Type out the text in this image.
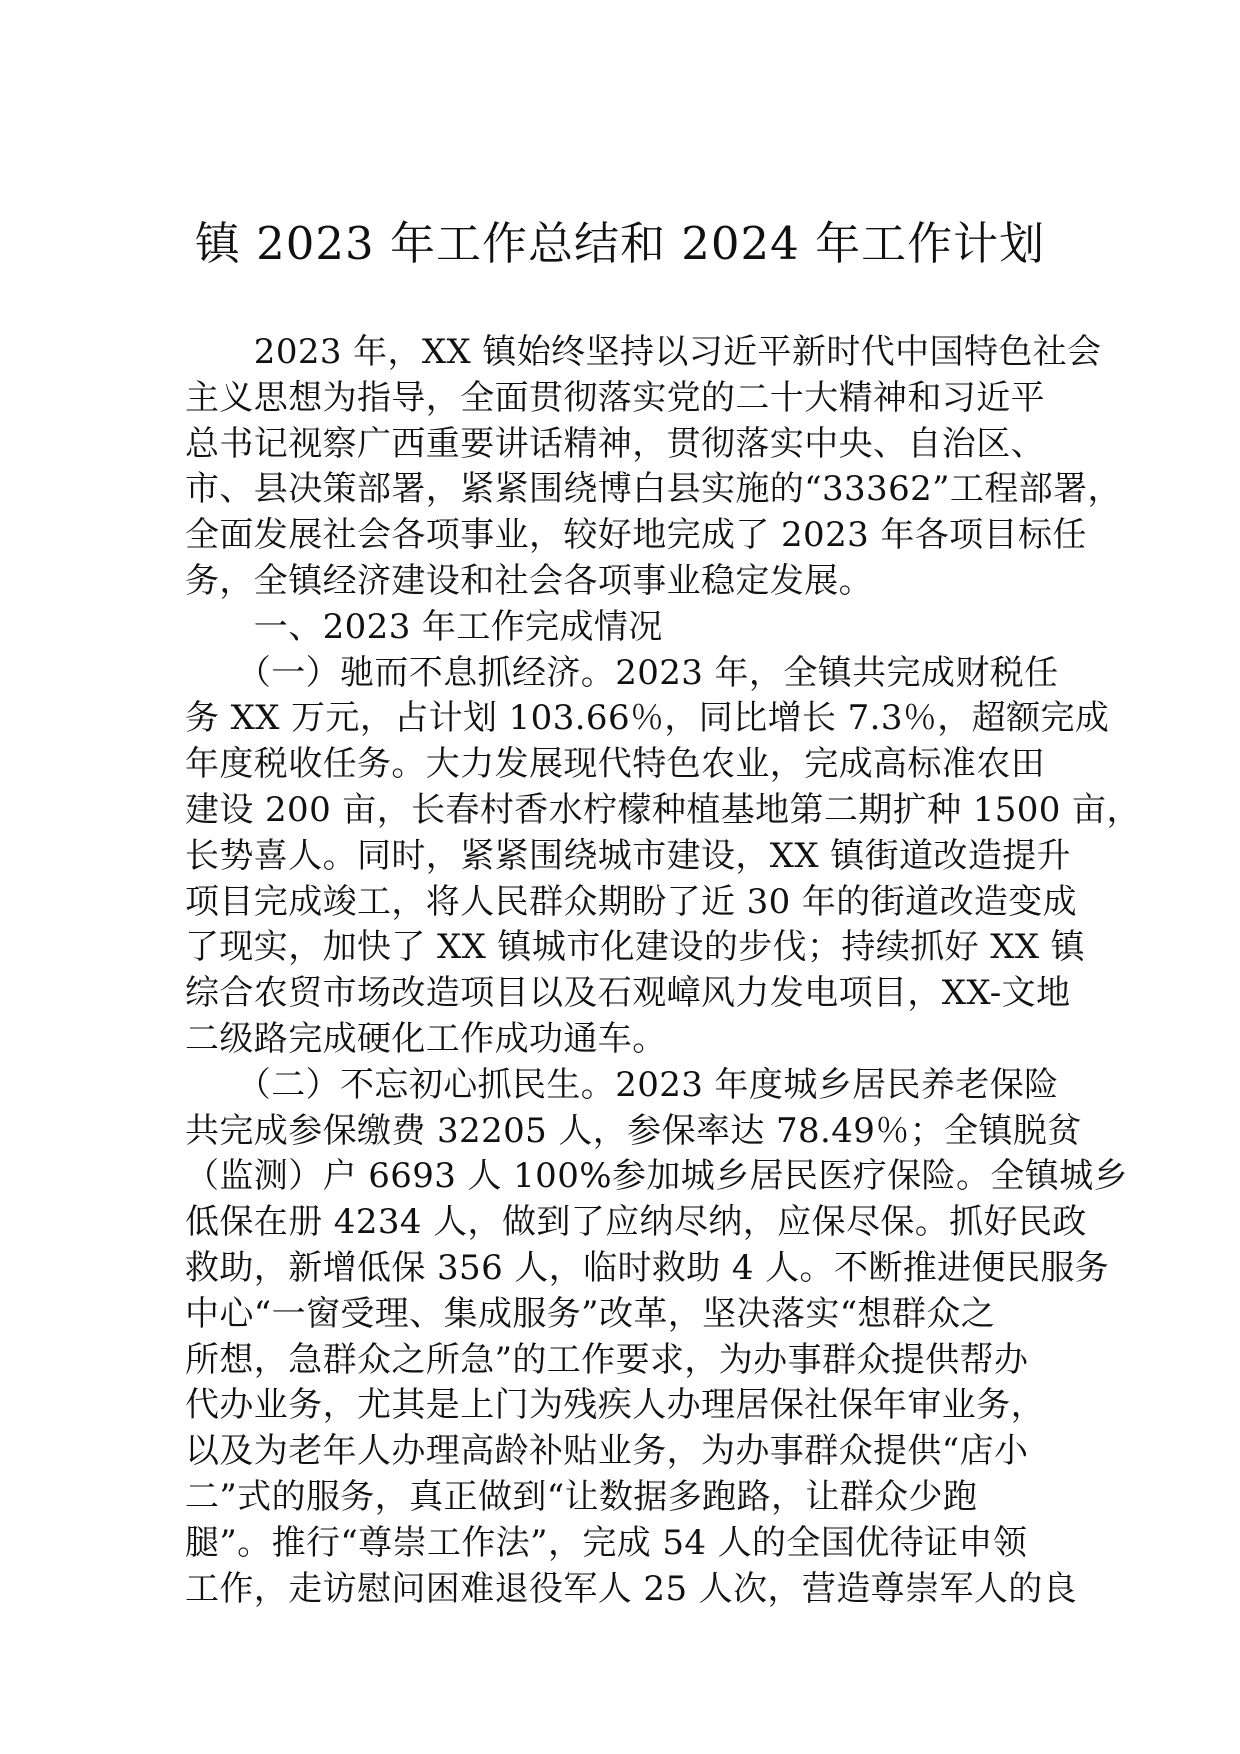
镇 2023 年工作总结和 2024 年工作计划
　　2023 年，XX 镇始终坚持以习近平新时代中国特色社会
主义思想为指导，全面贯彻落实党的二十大精神和习近平
总书记视察广西重要讲话精神，贯彻落实中央、自治区、
市、县决策部署，紧紧围绕博白县实施的“33362”工程部署，
全面发展社会各项事业，较好地完成了 2023 年各项目标任
务，全镇经济建设和社会各项事业稳定发展。
　　一、2023 年工作完成情况
　　（一）驰而不息抓经济。2023 年，全镇共完成财税任
务 XX 万元，占计划 103.66％，同比增长 7.3％，超额完成
年度税收任务。大力发展现代特色农业，完成高标准农田
建设 200 亩，长春村香水柠檬种植基地第二期扩种 1500 亩，
长势喜人。同时，紧紧围绕城市建设，XX 镇街道改造提升
项目完成竣工，将人民群众期盼了近 30 年的街道改造变成
了现实，加快了 XX 镇城市化建设的步伐；持续抓好 XX 镇
综合农贸市场改造项目以及石观嶂风力发电项目，XX-文地
二级路完成硬化工作成功通车。
　　（二）不忘初心抓民生。2023 年度城乡居民养老保险
共完成参保缴费 32205 人，参保率达 78.49％；全镇脱贫
（监测）户 6693 人 100%参加城乡居民医疗保险。全镇城乡
低保在册 4234 人，做到了应纳尽纳，应保尽保。抓好民政
救助，新增低保 356 人，临时救助 4 人。不断推进便民服务
中心“一窗受理、集成服务”改革，坚决落实“想群众之
所想，急群众之所急”的工作要求，为办事群众提供帮办
代办业务，尤其是上门为残疾人办理居保社保年审业务，
以及为老年人办理高龄补贴业务，为办事群众提供“店小
二”式的服务，真正做到“让数据多跑路，让群众少跑
腿”。推行“尊崇工作法”，完成 54 人的全国优待证申领
工作，走访慰问困难退役军人 25 人次，营造尊崇军人的良
